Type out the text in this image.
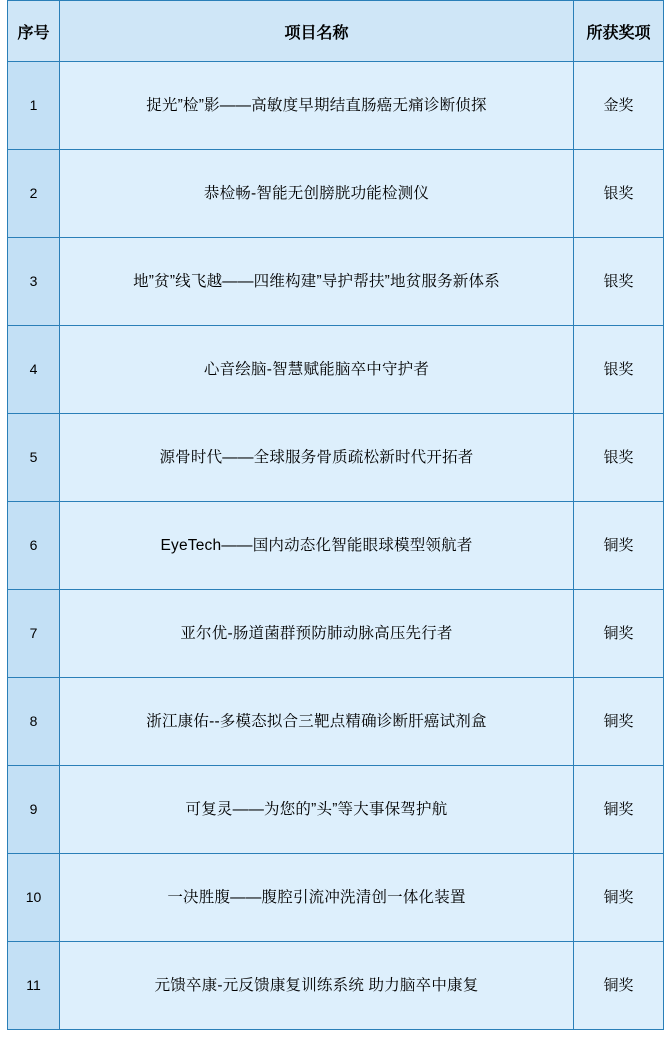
序号	项目名称	所获奖项
1	捉光”检”影——高敏度早期结直肠癌无痛诊断侦探	金奖
2	恭检畅-智能无创膀胱功能检测仪	银奖
3	地”贫”线飞越——四维构建”导护帮扶”地贫服务新体系	银奖
4	心音绘脑-智慧赋能脑卒中守护者	银奖
5	源骨时代——全球服务骨质疏松新时代开拓者	银奖
6	EyeTech——国内动态化智能眼球模型领航者	铜奖
7	亚尔优-肠道菌群预防肺动脉高压先行者	铜奖
8	浙江康佑--多模态拟合三靶点精确诊断肝癌试剂盒	铜奖
9	可复灵——为您的”头”等大事保驾护航	铜奖
10	一决胜腹——腹腔引流冲洗清创一体化装置	铜奖
11	元馈卒康-元反馈康复训练系统 助力脑卒中康复	铜奖
